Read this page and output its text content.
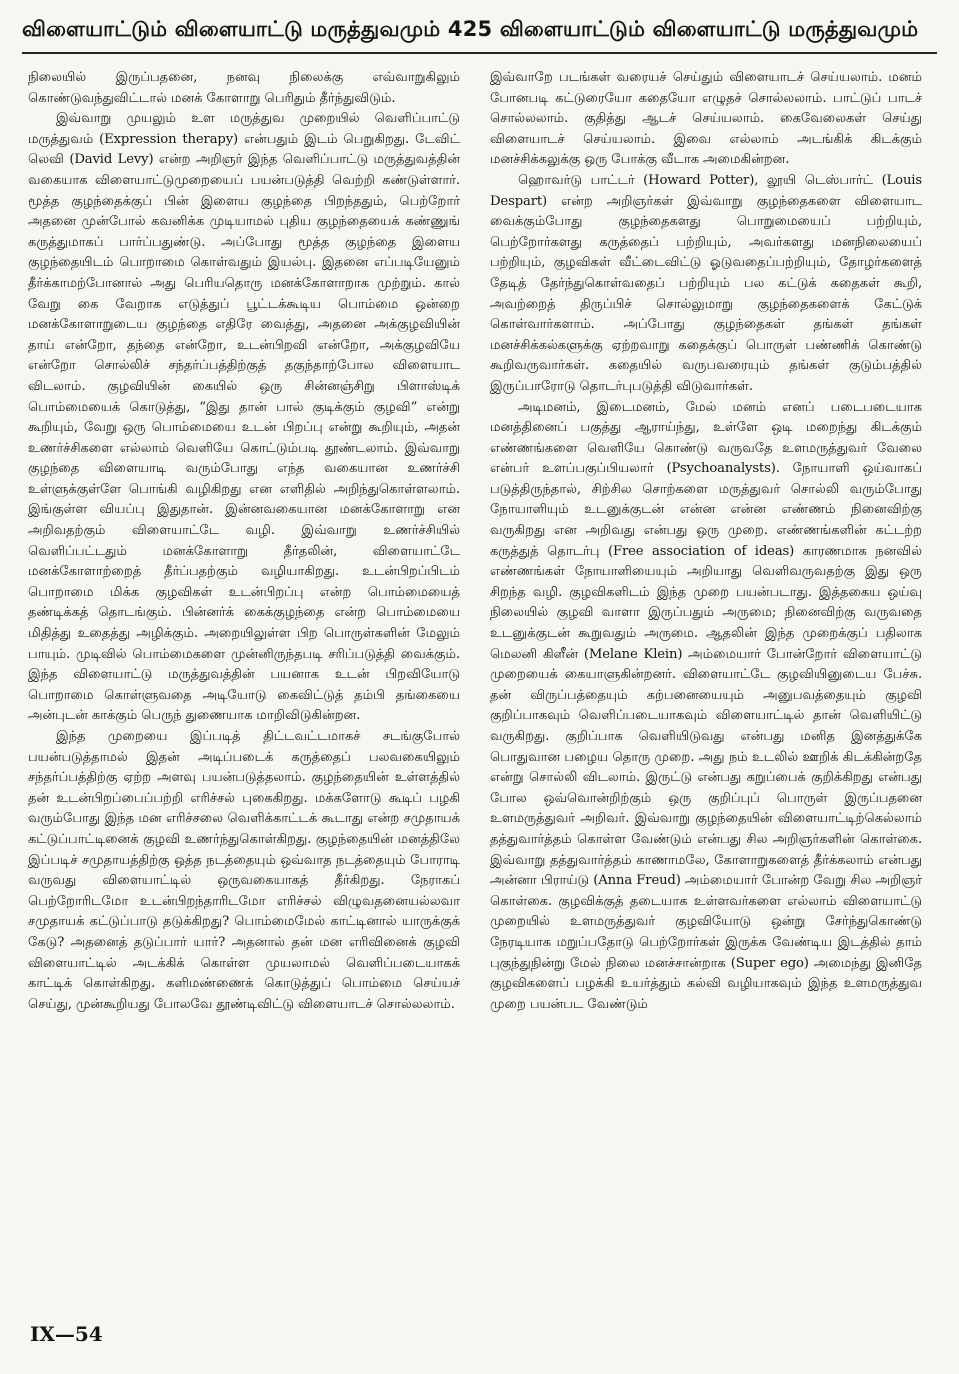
விளையாட்டும் விளையாட்டு மருத்துவமும் 425 விளையாட்டும் விளையாட்டு மருத்துவமும்

நிலையில் இருப்பதனை, நனவு நிலைக்கு எவ்வாறுகிலும் கொண்டுவந்துவிட்டால் மனக் கோளாறு பெரிதும் தீர்ந்துவிடும்.

இவ்வாறு முயலும் உள மருத்துவ முறையில் வெளிப்பாட்டு மருத்துவம் (Expression therapy) என்பதும் இடம் பெறுகிறது. டேவிட் லெவி (David Levy) என்ற அறிஞர் இந்த வெளிப்பாட்டு மருத்துவத்தின் வகையாக விளையாட்டுமுறையைப் பயன்படுத்தி வெற்றி கண்டுள்ளார். மூத்த குழந்தைக்குப் பின் இளைய குழந்தை பிறந்ததும், பெற்றோர் அதனை முன்போல் கவனிக்க முடியாமல் புதிய குழந்தையைக் கண்ணுங் கருத்துமாகப் பார்ப்பதுண்டு. அப்போது மூத்த குழந்தை இளைய குழந்தையிடம் பொறாமை கொள்வதும் இயல்பு. இதனை எப்படியேனும் தீர்க்காமற்போனால் அது பெரியதொரு மனக்கோளாறாக முற்றும். கால் வேறு கை வேறாக எடுத்துப் பூட்டக்கூடிய பொம்மை ஒன்றை மனக்கோளாறுடைய குழந்தை எதிரே வைத்து, அதனை அக்குழவியின் தாய் என்றோ, தந்தை என்றோ, உடன்பிறவி என்றோ, அக்குழவியே என்றோ சொல்லிச் சந்தர்ப்பத்திற்குத் தகுந்தாற்போல விளையாட விடலாம். குழவியின் கையில் ஒரு சின்னஞ்சிறு பிளாஸ்டிக் பொம்மையைக் கொடுத்து, “இது தான் பால் குடிக்கும் குழவி” என்று கூறியும், வேறு ஒரு பொம்மையை உடன் பிறப்பு என்று கூறியும், அதன் உணர்ச்சிகளை எல்லாம் வெளியே கொட்டும்படி தூண்டலாம். இவ்வாறு குழந்தை விளையாடி வரும்போது எந்த வகையான உணர்ச்சி உள்ளுக்குள்ளே பொங்கி வழிகிறது என எளிதில் அறிந்துகொள்ளலாம். இங்குள்ள வியப்பு இதுதான். இன்னவகையான மனக்கோளாறு என அறிவதற்கும் விளையாட்டே வழி. இவ்வாறு உணர்ச்சியில் வெளிப்பட்டதும் மனக்கோளாறு தீர்தலின், விளையாட்டே மனக்கோளாற்றைத் தீர்ப்பதற்கும் வழியாகிறது. உடன்பிறப்பிடம் பொறாமை மிக்க குழவிகள் உடன்பிறப்பு என்ற பொம்மையைத் தண்டிக்கத் தொடங்கும். பின்னர்க் கைக்குழந்தை என்ற பொம்மையை மிதித்து உதைத்து அழிக்கும். அறையிலுள்ள பிற பொருள்களின் மேலும் பாயும். முடிவில் பொம்மைகளை முன்னிருந்தபடி சரிப்படுத்தி வைக்கும். இந்த விளையாட்டு மருத்துவத்தின் பயனாக உடன் பிறவியோடு பொறாமை கொள்ளுவதை அடியோடு கைவிட்டுத் தம்பி தங்கையை அன்புடன் காக்கும் பெருந் துணையாக மாறிவிடுகின்றன.

இந்த முறையை இப்படித் திட்டவட்டமாகச் சடங்குபோல் பயன்படுத்தாமல் இதன் அடிப்படைக் கருத்தைப் பலவகையிலும் சந்தர்ப்பத்திற்கு ஏற்ற அளவு பயன்படுத்தலாம். குழந்தையின் உள்ளத்தில் தன் உடன்பிறப்பைப்பற்றி எரிச்சல் புகைகிறது. மக்களோடு கூடிப் பழகி வரும்போது இந்த மன எரிச்சலை வெளிக்காட்டக் கூடாது என்ற சமுதாயக் கட்டுப்பாட்டினைக் குழவி உணர்ந்துகொள்கிறது. குழந்தையின் மனத்திலே இப்படிச் சமுதாயத்திற்கு ஒத்த நடத்தையும் ஒவ்வாத நடத்தையும் போராடி வருவது விளையாட்டில் ஒருவகையாகத் தீர்கிறது. நேராகப் பெற்றோரிடமோ உடன்பிறந்தாரிடமோ எரிச்சல் விழுவதனையல்லவா சமுதாயக் கட்டுப்பாடு தடுக்கிறது? பொம்மைமேல் காட்டினால் யாருக்குக் கேடு? அதனைத் தடுப்பார் யார்? அதனால் தன் மன எரிவினைக் குழவி விளையாட்டில் அடக்கிக் கொள்ள முயலாமல் வெளிப்படையாகக் காட்டிக் கொள்கிறது. களிமண்ணைக் கொடுத்துப் பொம்மை செய்யச் செய்து, முன்கூறியது போலவே தூண்டிவிட்டு விளையாடச் சொல்லலாம்.

இவ்வாறே படங்கள் வரையச் செய்தும் விளையாடச் செய்யலாம். மனம் போனபடி கட்டுரையோ கதையோ எழுதச் சொல்லலாம். பாட்டுப் பாடச் சொல்லலாம். குதித்து ஆடச் செய்யலாம். கைவேலைகள் செய்து விளையாடச் செய்யலாம். இவை எல்லாம் அடங்கிக் கிடக்கும் மனச்சிக்கலுக்கு ஒரு போக்கு வீடாக அமைகின்றன.

ஹொவர்டு பாட்டர் (Howard Potter), லூயி டெஸ்பார்ட் (Louis Despart) என்ற அறிஞர்கள் இவ்வாறு குழந்தைகளை விளையாட வைக்கும்போது குழந்தைகளது பொறுமையைப் பற்றியும், பெற்றோர்களது கருத்தைப் பற்றியும், அவர்களது மனநிலையைப் பற்றியும், குழவிகள் வீட்டைவிட்டு ஓடுவதைப்பற்றியும், தோழர்களைத் தேடித் தேர்ந்துகொள்வதைப் பற்றியும் பல கட்டுக் கதைகள் கூறி, அவற்றைத் திருப்பிச் சொல்லுமாறு குழந்தைகளைக் கேட்டுக் கொள்வார்களாம். அப்போது குழந்தைகள் தங்கள் தங்கள் மனச்சிக்கல்களுக்கு ஏற்றவாறு கதைக்குப் பொருள் பண்ணிக் கொண்டு கூறிவருவார்கள். கதையில் வருபவரையும் தங்கள் குடும்பத்தில் இருப்பாரோடு தொடர்புபடுத்தி விடுவார்கள்.

அடிமனம், இடைமனம், மேல் மனம் எனப் படைபடையாக மனத்தினைப் பகுத்து ஆராய்ந்து, உள்ளே ஒடி மறைந்து கிடக்கும் எண்ணங்களை வெளியே கொண்டு வருவதே உளமருத்துவர் வேலை என்பர் உளப்பகுப்பியலார் (Psychoanalysts). நோயாளி ஒய்வாகப் படுத்திருந்தால், சிற்சில சொற்களை மருத்துவர் சொல்லி வரும்போது நோயாளியும் உடனுக்குடன் என்ன என்ன எண்ணம் நினைவிற்கு வருகிறது என அறிவது என்பது ஒரு முறை. எண்ணங்களின் கட்டற்ற கருத்துத் தொடர்பு (Free association of ideas) காரணமாக நனவில் எண்ணங்கள் நோயாளியையும் அறியாது வெளிவருவதற்கு இது ஒரு சிறந்த வழி. குழவிகளிடம் இந்த முறை பயன்படாது. இத்தகைய ஒய்வு நிலையில் குழவி வாளா இருப்பதும் அருமை; நினைவிற்கு வருவதை உடனுக்குடன் கூறுவதும் அருமை. ஆதலின் இந்த முறைக்குப் பதிலாக மெலனி கிளீன் (Melane Klein) அம்மையார் போன்றோர் விளையாட்டு முறையைக் கையாளுகின்றனர். விளையாட்டே குழவியினுடைய பேச்சு. தன் விருப்பத்தையும் கற்பனையையும் அனுபவத்தையும் குழவி குறிப்பாகவும் வெளிப்படையாகவும் விளையாட்டில் தான் வெளியிட்டு வருகிறது. குறிப்பாக வெளியிடுவது என்பது மனித இனத்துக்கே பொதுவான பழைய தொரு முறை. அது நம் உடலில் ஊறிக் கிடக்கின்றதே என்று சொல்லி விடலாம். இருட்டு என்பது கறுப்பைக் குறிக்கிறது என்பது போல ஒவ்வொன்றிற்கும் ஒரு குறிப்புப் பொருள் இருப்பதனை உளமருத்துவர் அறிவர். இவ்வாறு குழந்தையின் விளையாட்டிற்கெல்லாம் தத்துவார்த்தம் கொள்ள வேண்டும் என்பது சில அறிஞர்களின் கொள்கை. இவ்வாறு தத்துவார்த்தம் காணாமலே, கோளாறுகளைத் தீர்க்கலாம் என்பது அன்னா பிராய்டு (Anna Freud) அம்மையார் போன்ற வேறு சில அறிஞர் கொள்கை. குழவிக்குத் தடையாக உள்ளவர்களை எல்லாம் விளையாட்டு முறையில் உளமருத்துவர் குழவியோடு ஒன்று சேர்ந்துகொண்டு நேரடியாக மறுப்பதோடு பெற்றோர்கள் இருக்க வேண்டிய இடத்தில் தாம் புகுந்துநின்று மேல் நிலை மனச்சான்றாக (Super ego) அமைந்து இனிதே குழவிகளைப் பழக்கி உயர்த்தும் கல்வி வழியாகவும் இந்த உளமருத்துவ முறை பயன்பட வேண்டும்

IX—54
